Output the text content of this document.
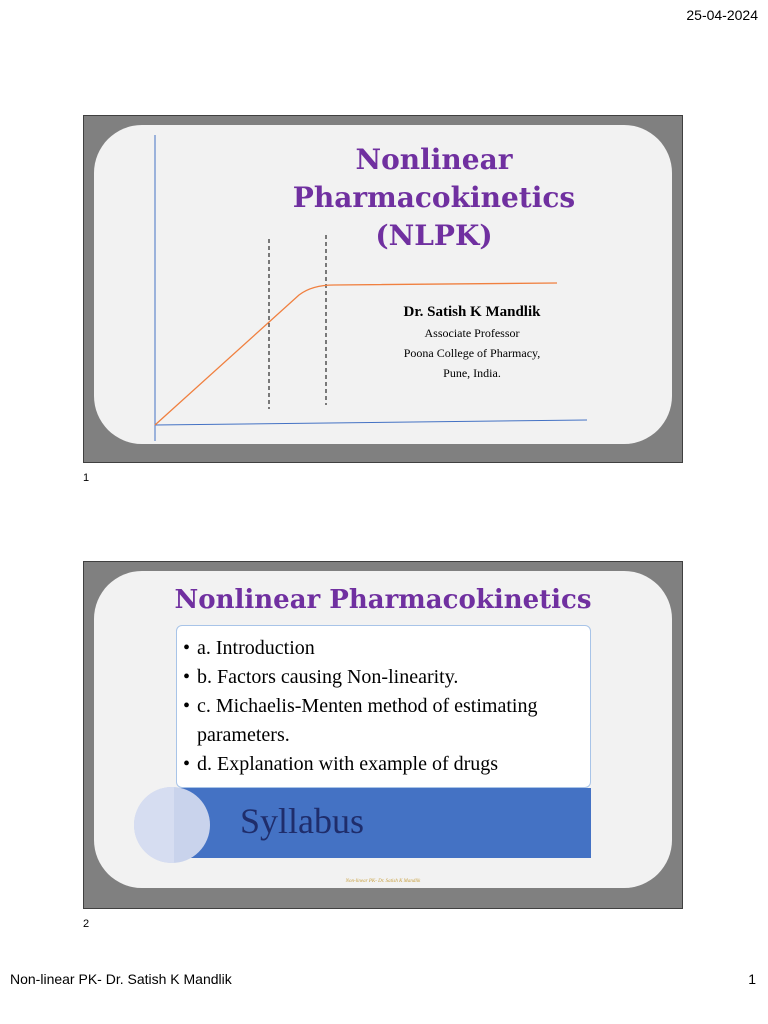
25-04-2024
Nonlinear
Pharmacokinetics
(NLPK)
Dr. Satish K Mandlik
Associate Professor
Poona College of Pharmacy,
Pune, India.
1
Nonlinear Pharmacokinetics
• a. Introduction
• b. Factors causing Non-linearity.
• c. Michaelis-Menten method of estimating parameters.
• d. Explanation with example of drugs
Syllabus
Non-linear PK- Dr. Satish K Mandlik
2
Non-linear PK- Dr. Satish K Mandlik	1
